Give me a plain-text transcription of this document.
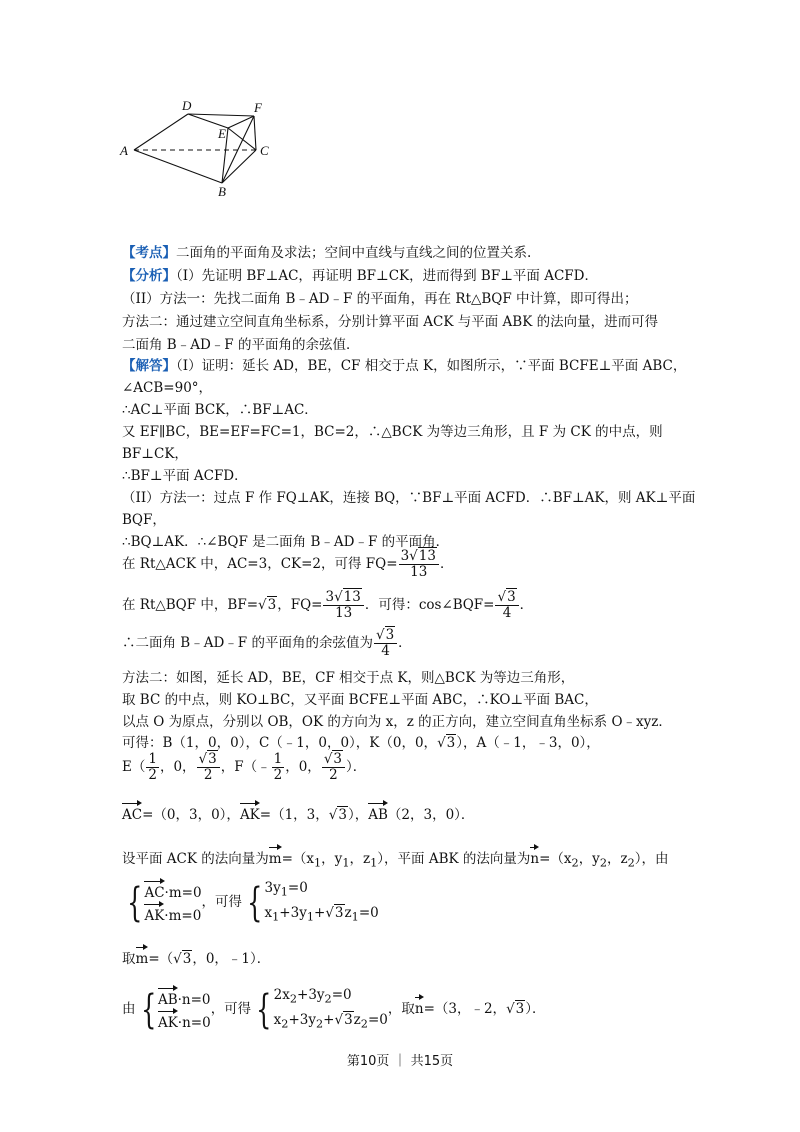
A
D	F
E
C
B
【考点】二面角的平面角及求法；空间中直线与直线之间的位置关系.
【分析】（I）先证明 BF⊥AC，再证明 BF⊥CK，进而得到 BF⊥平面 ACFD．
（II）方法一：先找二面角 B﹣AD﹣F 的平面角，再在 Rt△BQF 中计算，即可得出；
方法二：通过建立空间直角坐标系，分别计算平面 ACK 与平面 ABK 的法向量，进而可得
二面角 B﹣AD﹣F 的平面角的余弦值．
【解答】（I）证明：延长 AD，BE，CF 相交于点 K，如图所示，∵平面 BCFE⊥平面 ABC，
∠ACB=90°，
∴AC⊥平面 BCK，∴BF⊥AC．
又 EF∥BC，BE=EF=FC=1，BC=2，∴△BCK 为等边三角形，且 F 为 CK 的中点，则
BF⊥CK，
∴BF⊥平面 ACFD．
（II）方法一：过点 F 作 FQ⊥AK，连接 BQ，∵BF⊥平面 ACFD．∴BF⊥AK，则 AK⊥平面
BQF，
∴BQ⊥AK．∴∠BQF 是二面角 B﹣AD﹣F 的平面角．
在 Rt△ACK 中，AC=3，CK=2，可得 $FQ= \frac{3√13}{13}$ ．
在 Rt△BQF 中，BF=√3，$FQ= \frac{3√13}{13}$ ．可得：cos∠BQF= $\frac{√3}{4}$ ．
∴二面角 B﹣AD﹣F 的平面角的余弦值为 $\frac{√3}{4}$ ．
方法二：如图，延长 AD，BE，CF 相交于点 K，则△BCK 为等边三角形，
取 BC 的中点，则 KO⊥BC，又平面 BCFE⊥平面 ABC，∴KO⊥平面 BAC，
以点 O 为原点，分别以 OB，OK 的方向为 x，z 的正方向，建立空间直角坐标系 O﹣xyz．
可得：B（1，0，0），C（﹣1，0，0），K（0，0，√3），A（﹣1，﹣3，0），
$E( \frac{1}{2}$ ，0， $\frac{√3}{2}$ ，F（﹣ $\frac{1}{2}$ ，0， $\frac{√3}{2}$ ）．
AC=（0，3，0），AK=（1，3，√3），AB（2，3，0）．
设平面 ACK 的法向量为$m=(x_1$，$y_1$，$z_1$），平面 ABK 的法向量为$n=(x_2$，$y_2$，$z_2$），由
{ AC·m=0
AK·m=0
，可得 { $3y_1=0$
$x_1+3y_1+√3z_1=0$
取m=（√3，0，﹣1）．
由 { AB·n=0
AK·n=0
，可得 { $2x_2+3y_2=0$
$x_2+3y_2+√3z_2=0$
，取n=（3，﹣2，√3）．
第10页 ｜ 共15页
